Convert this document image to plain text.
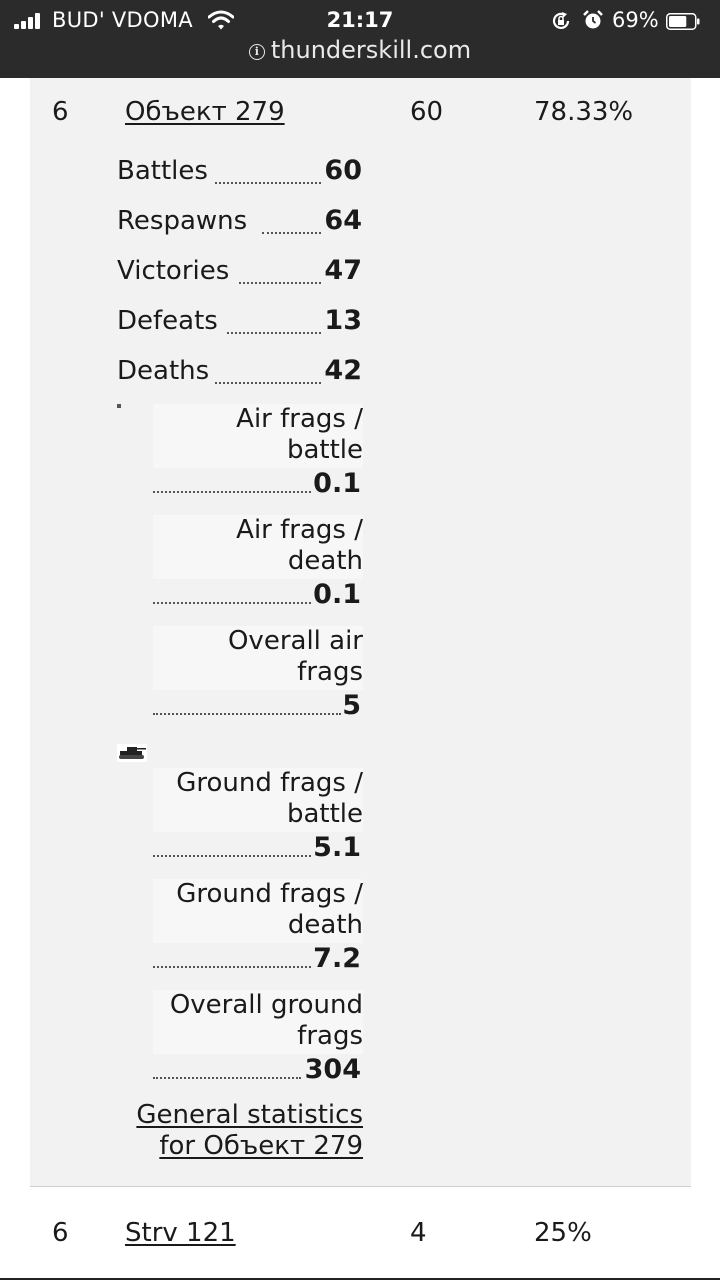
BUD' VDOMA	21:17	69%
i thunderskill.com
6 Объект 279	60	78.33%
Battles	60
Respawns	64
Victories	47
Defeats	13
Deaths	42
Air frags /
battle
0.1
Air frags /
death
0.1
Overall air
frags
5
Ground frags /
battle
5.1
Ground frags /
death
7.2
Overall ground
frags
304
General statistics
for Объект 279
6 Strv 121	4	25%
